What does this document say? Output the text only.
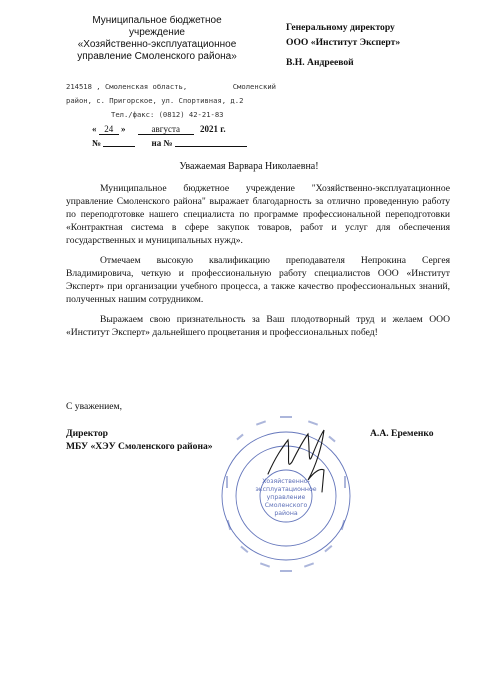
Муниципальное бюджетное
учреждение
«Хозяйственно-эксплуатационное
управление Смоленского района»
214518 , Смоленская область,	Смоленский
район, с. Пригорское, ул. Спортивная, д.2
Тел./факс: (0812) 42-21-83
Генеральному директору
ООО «Институт Эксперт»
В.Н. Андреевой
« 24 »	августа 2021 г.
№	на №
Уважаемая Варвара Николаевна!

Муниципальное бюджетное учреждение "Хозяйственно-эксплуатационное управление Смоленского района" выражает благодарность за отлично проведенную работу по переподготовке нашего специалиста по программе профессиональной переподготовки «Контрактная система в сфере закупок товаров, работ и услуг для обеспечения государственных и муниципальных нужд».

Отмечаем высокую квалификацию преподавателя Непрокина Сергея Владимировича, четкую и профессиональную работу специалистов ООО «Институт Эксперт» при организации учебного процесса, а также качество профессиональных знаний, полученных нашим сотрудником.

Выражаем свою признательность за Ваш плодотворный труд и желаем ООО «Институт Эксперт» дальнейшего процветания и профессиональных побед!

С уважением,
Хозяйственно-
эксплуатационное
управление
Смоленского
района
Директор
МБУ «ХЭУ Смоленского района»
А.А. Еременко
